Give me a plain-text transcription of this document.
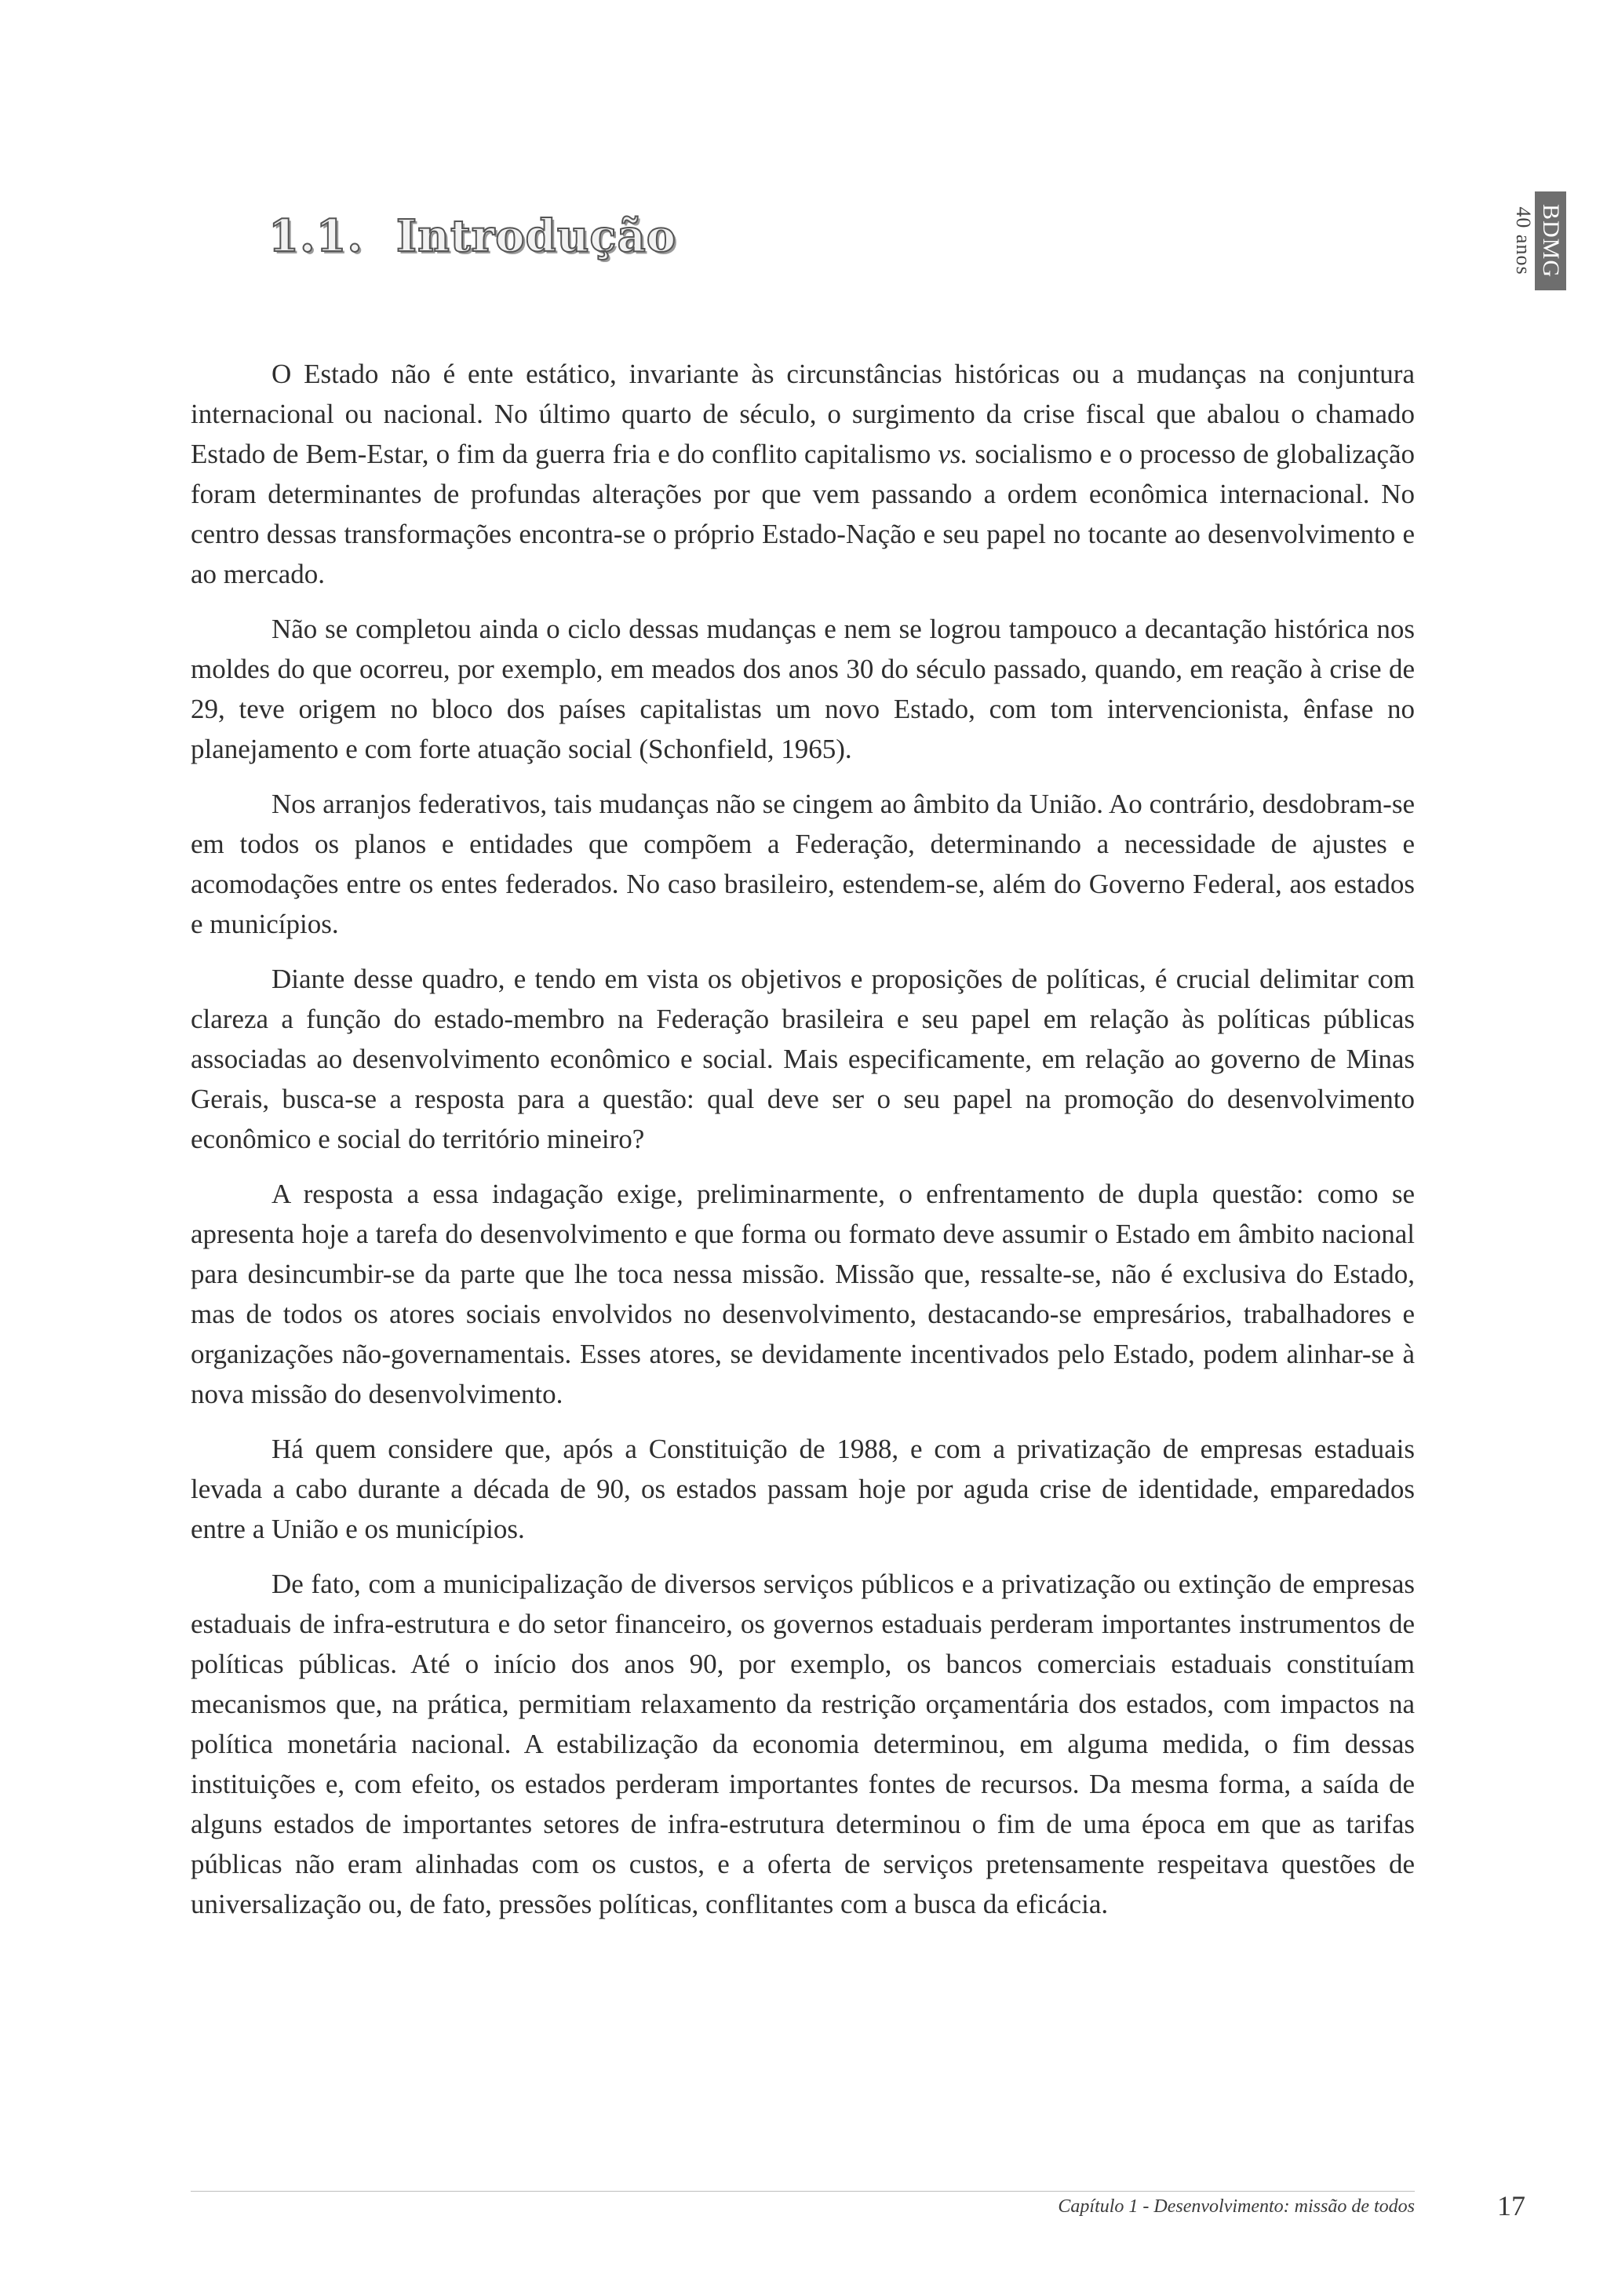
40 anos BDMG
1.1. Introdução

O Estado não é ente estático, invariante às circunstâncias históricas ou a mudanças na conjuntura internacional ou nacional. No último quarto de século, o surgimento da crise fiscal que abalou o chamado Estado de Bem-Estar, o fim da guerra fria e do conflito capitalismo vs. socialismo e o processo de globalização foram determinantes de profundas alterações por que vem passando a ordem econômica internacional. No centro dessas transformações encontra-se o próprio Estado-Nação e seu papel no tocante ao desenvolvimento e ao mercado.

Não se completou ainda o ciclo dessas mudanças e nem se logrou tampouco a decantação histórica nos moldes do que ocorreu, por exemplo, em meados dos anos 30 do século passado, quando, em reação à crise de 29, teve origem no bloco dos países capitalistas um novo Estado, com tom intervencionista, ênfase no planejamento e com forte atuação social (Schonfield, 1965).

Nos arranjos federativos, tais mudanças não se cingem ao âmbito da União. Ao contrário, desdobram-se em todos os planos e entidades que compõem a Federação, determinando a necessidade de ajustes e acomodações entre os entes federados. No caso brasileiro, estendem-se, além do Governo Federal, aos estados e municípios.

Diante desse quadro, e tendo em vista os objetivos e proposições de políticas, é crucial delimitar com clareza a função do estado-membro na Federação brasileira e seu papel em relação às políticas públicas associadas ao desenvolvimento econômico e social. Mais especificamente, em relação ao governo de Minas Gerais, busca-se a resposta para a questão: qual deve ser o seu papel na promoção do desenvolvimento econômico e social do território mineiro?

A resposta a essa indagação exige, preliminarmente, o enfrentamento de dupla questão: como se apresenta hoje a tarefa do desenvolvimento e que forma ou formato deve assumir o Estado em âmbito nacional para desincumbir-se da parte que lhe toca nessa missão. Missão que, ressalte-se, não é exclusiva do Estado, mas de todos os atores sociais envolvidos no desenvolvimento, destacando-se empresários, trabalhadores e organizações não-governamentais. Esses atores, se devidamente incentivados pelo Estado, podem alinhar-se à nova missão do desenvolvimento.

Há quem considere que, após a Constituição de 1988, e com a privatização de empresas estaduais levada a cabo durante a década de 90, os estados passam hoje por aguda crise de identidade, emparedados entre a União e os municípios.

De fato, com a municipalização de diversos serviços públicos e a privatização ou extinção de empresas estaduais de infra-estrutura e do setor financeiro, os governos estaduais perderam importantes instrumentos de políticas públicas. Até o início dos anos 90, por exemplo, os bancos comerciais estaduais constituíam mecanismos que, na prática, permitiam relaxamento da restrição orçamentária dos estados, com impactos na política monetária nacional. A estabilização da economia determinou, em alguma medida, o fim dessas instituições e, com efeito, os estados perderam importantes fontes de recursos. Da mesma forma, a saída de alguns estados de importantes setores de infra-estrutura determinou o fim de uma época em que as tarifas públicas não eram alinhadas com os custos, e a oferta de serviços pretensamente respeitava questões de universalização ou, de fato, pressões políticas, conflitantes com a busca da eficácia.

Capítulo 1 - Desenvolvimento: missão de todos	17
